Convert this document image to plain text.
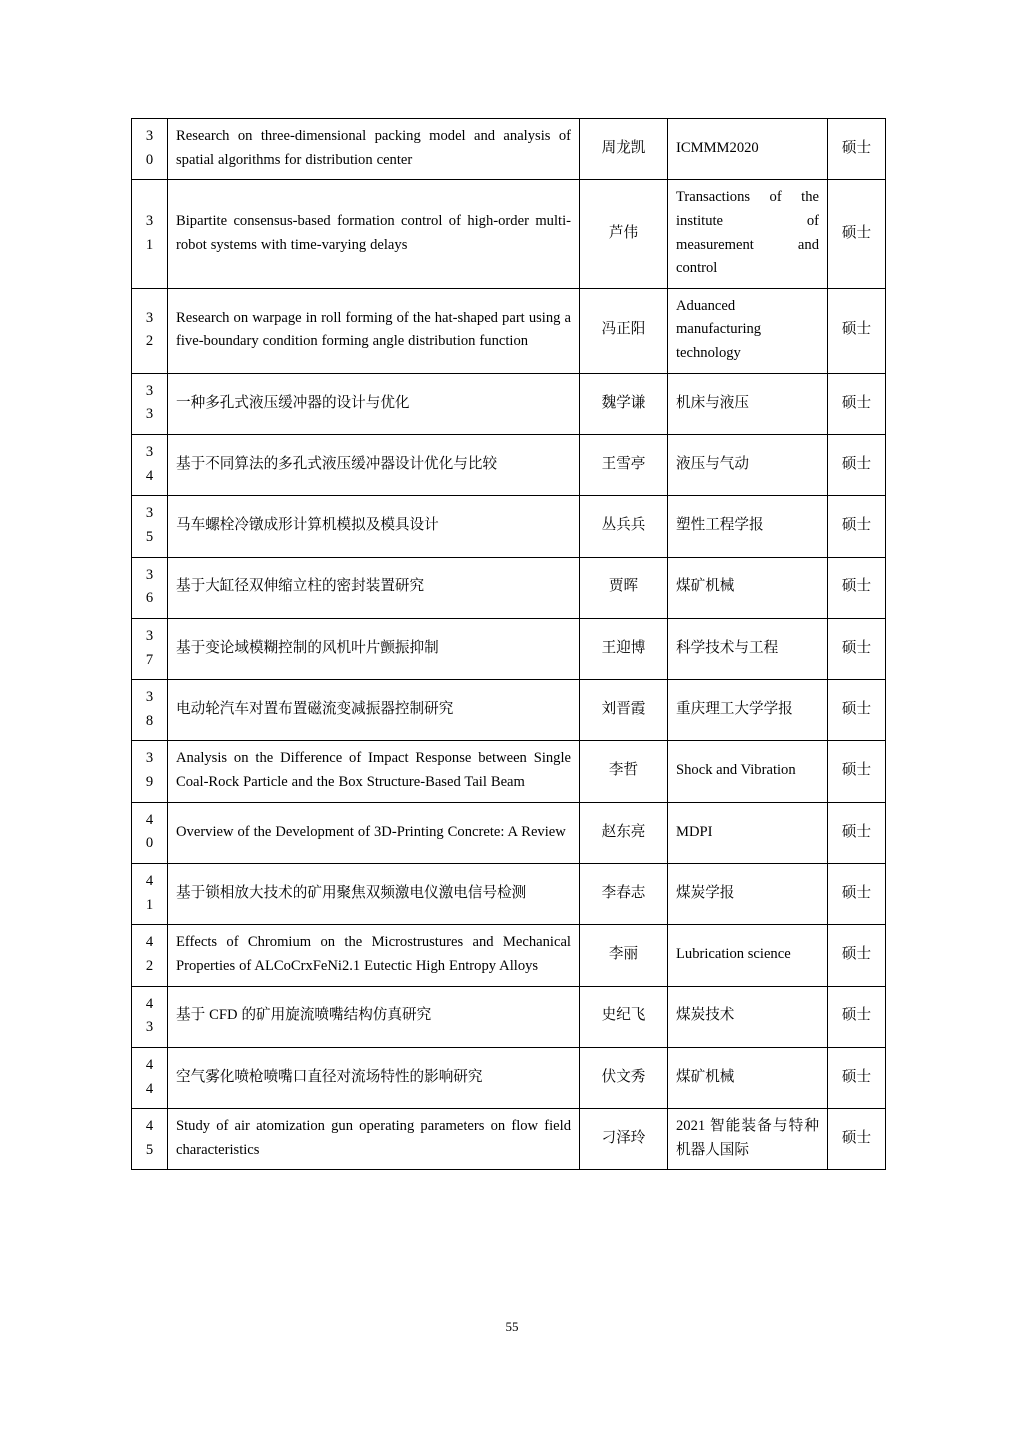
3
0	Research on three-dimensional packing model and analysis of spatial algorithms for distribution center	周龙凯	ICMMM2020	硕士

3
1	Bipartite consensus-based formation control of high-order multi-robot systems with time-varying delays	芦伟	Transactions of the institute of measurement and control	硕士

3
2	Research on warpage in roll forming of the hat-shaped part using a five-boundary condition forming angle distribution function	冯正阳	Aduanced manufacturing technology	硕士

3
3	一种多孔式液压缓冲器的设计与优化	魏学谦	机床与液压	硕士

3
4	基于不同算法的多孔式液压缓冲器设计优化与比较	王雪亭	液压与气动	硕士

3
5	马车螺栓冷镦成形计算机模拟及模具设计	丛兵兵	塑性工程学报	硕士

3
6	基于大缸径双伸缩立柱的密封装置研究	贾晖	煤矿机械	硕士

3
7	基于变论域模糊控制的风机叶片颤振抑制	王迎博	科学技术与工程	硕士

3
8	电动轮汽车对置布置磁流变减振器控制研究	刘晋霞	重庆理工大学学报	硕士

3
9	Analysis on the Difference of Impact Response between Single Coal-Rock Particle and the Box Structure-Based Tail Beam	李哲	Shock and Vibration	硕士

4
0	Overview of the Development of 3D-Printing Concrete: A Review	赵东亮	MDPI	硕士

4
1	基于锁相放大技术的矿用聚焦双频激电仪激电信号检测	李春志	煤炭学报	硕士

4
2	Effects of Chromium on the Microstrustures and Mechanical Properties of ALCoCrxFeNi2.1 Eutectic High Entropy Alloys	李丽	Lubrication science	硕士

4
3	基于 CFD 的矿用旋流喷嘴结构仿真研究	史纪飞	煤炭技术	硕士

4
4	空气雾化喷枪喷嘴口直径对流场特性的影响研究	伏文秀	煤矿机械	硕士

4
5	Study of air atomization gun operating parameters on flow field characteristics	刁泽玲	2021 智能装备与特种机器人国际	硕士
55
